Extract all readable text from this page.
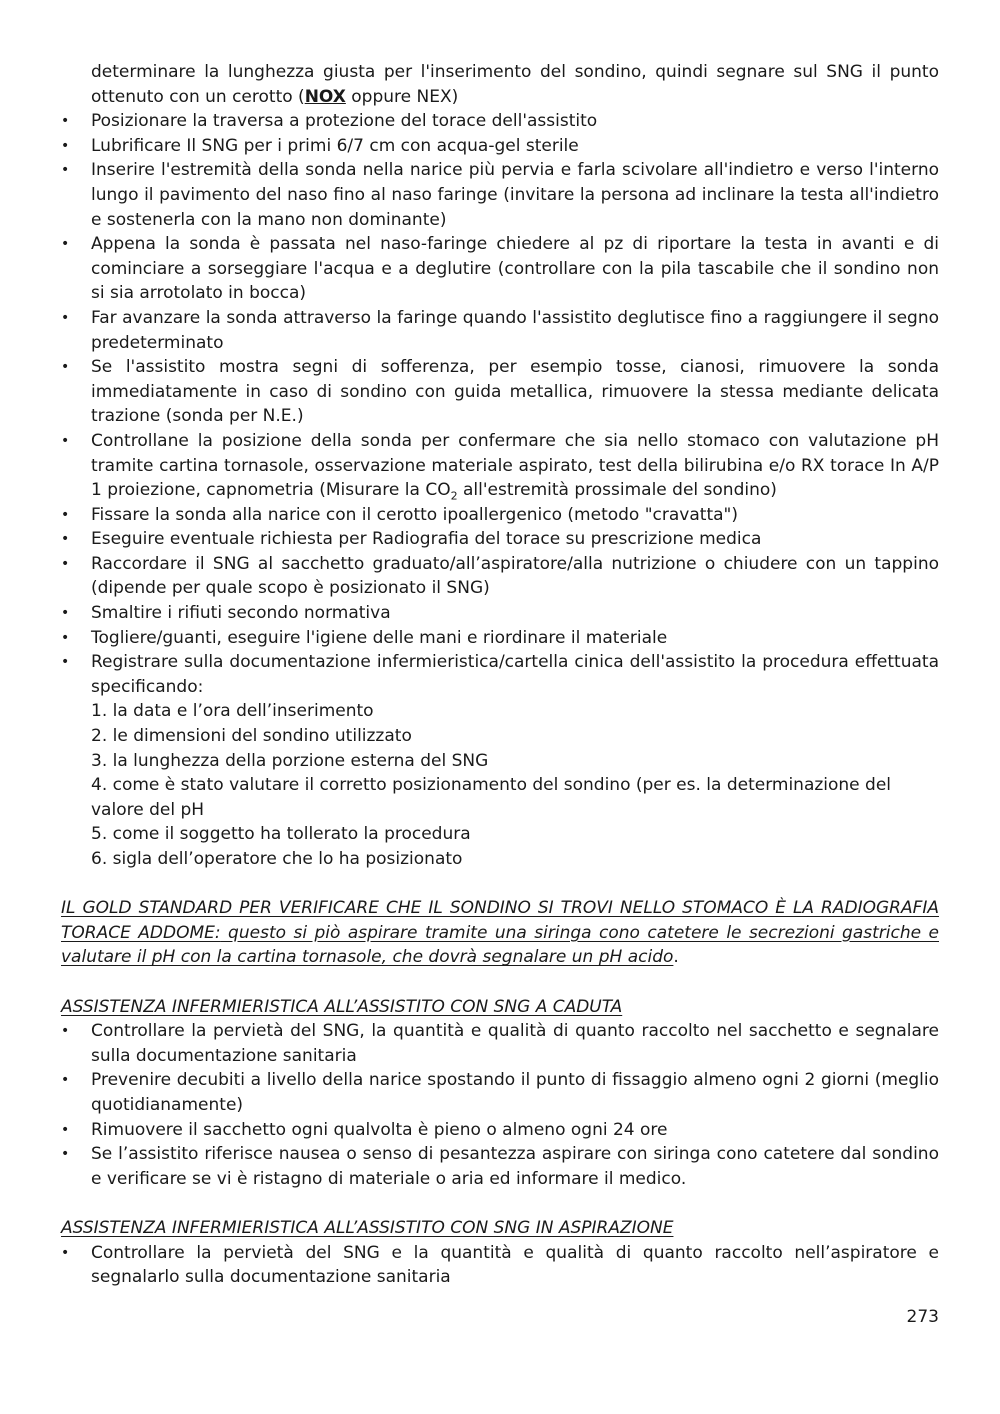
determinare la lunghezza giusta per l'inserimento del sondino, quindi segnare sul SNG il punto ottenuto con un cerotto (NOX oppure NEX)
•	Posizionare la traversa a protezione del torace dell'assistito
•	Lubrificare Il SNG per i primi 6/7 cm con acqua-gel sterile
•	Inserire l'estremità della sonda nella narice più pervia e farla scivolare all'indietro e verso l'interno lungo il pavimento del naso fino al naso faringe (invitare la persona ad inclinare la testa all'indietro e sostenerla con la mano non dominante)
•	Appena la sonda è passata nel naso-faringe chiedere al pz di riportare la testa in avanti e di cominciare a sorseggiare l'acqua e a deglutire (controllare con la pila tascabile che il sondino non si sia arrotolato in bocca)
•	Far avanzare la sonda attraverso la faringe quando l'assistito deglutisce fino a raggiungere il segno predeterminato
•	Se l'assistito mostra segni di sofferenza, per esempio tosse, cianosi, rimuovere la sonda immediatamente in caso di sondino con guida metallica, rimuovere la stessa mediante delicata trazione (sonda per N.E.)
•	Controllane la posizione della sonda per confermare che sia nello stomaco con valutazione pH tramite cartina tornasole, osservazione materiale aspirato, test della bilirubina e/o RX torace In A/P 1 proiezione, capnometria (Misurare la $CO_2$ all'estremità prossimale del sondino)
•	Fissare la sonda alla narice con il cerotto ipoallergenico (metodo "cravatta")
•	Eseguire eventuale richiesta per Radiografia del torace su prescrizione medica
•	Raccordare il SNG al sacchetto graduato/all’aspiratore/alla nutrizione o chiudere con un tappino (dipende per quale scopo è posizionato il SNG)
•	Smaltire i rifiuti secondo normativa
•	Togliere/guanti, eseguire l'igiene delle mani e riordinare il materiale
•	Registrare sulla documentazione infermieristica/cartella cinica dell'assistito la procedura effettuata specificando:
1. la data e l’ora dell’inserimento
2. le dimensioni del sondino utilizzato
3. la lunghezza della porzione esterna del SNG
4. come è stato valutare il corretto posizionamento del sondino (per es. la determinazione del valore del pH
5. come il soggetto ha tollerato la procedura
6. sigla dell’operatore che lo ha posizionato
IL GOLD STANDARD PER VERIFICARE CHE IL SONDINO SI TROVI NELLO STOMACO È LA RADIOGRAFIA TORACE ADDOME: questo si piò aspirare tramite una siringa cono catetere le secrezioni gastriche e valutare il pH con la cartina tornasole, che dovrà segnalare un pH acido.
ASSISTENZA INFERMIERISTICA ALL’ASSISTITO CON SNG A CADUTA
•	Controllare la pervietà del SNG, la quantità e qualità di quanto raccolto nel sacchetto e segnalare sulla documentazione sanitaria
•	Prevenire decubiti a livello della narice spostando il punto di fissaggio almeno ogni 2 giorni (meglio quotidianamente)
•	Rimuovere il sacchetto ogni qualvolta è pieno o almeno ogni 24 ore
•	Se l’assistito riferisce nausea o senso di pesantezza aspirare con siringa cono catetere dal sondino e verificare se vi è ristagno di materiale o aria ed informare il medico.
ASSISTENZA INFERMIERISTICA ALL’ASSISTITO CON SNG IN ASPIRAZIONE
•	Controllare la pervietà del SNG e la quantità e qualità di quanto raccolto nell’aspiratore e segnalarlo sulla documentazione sanitaria
273
